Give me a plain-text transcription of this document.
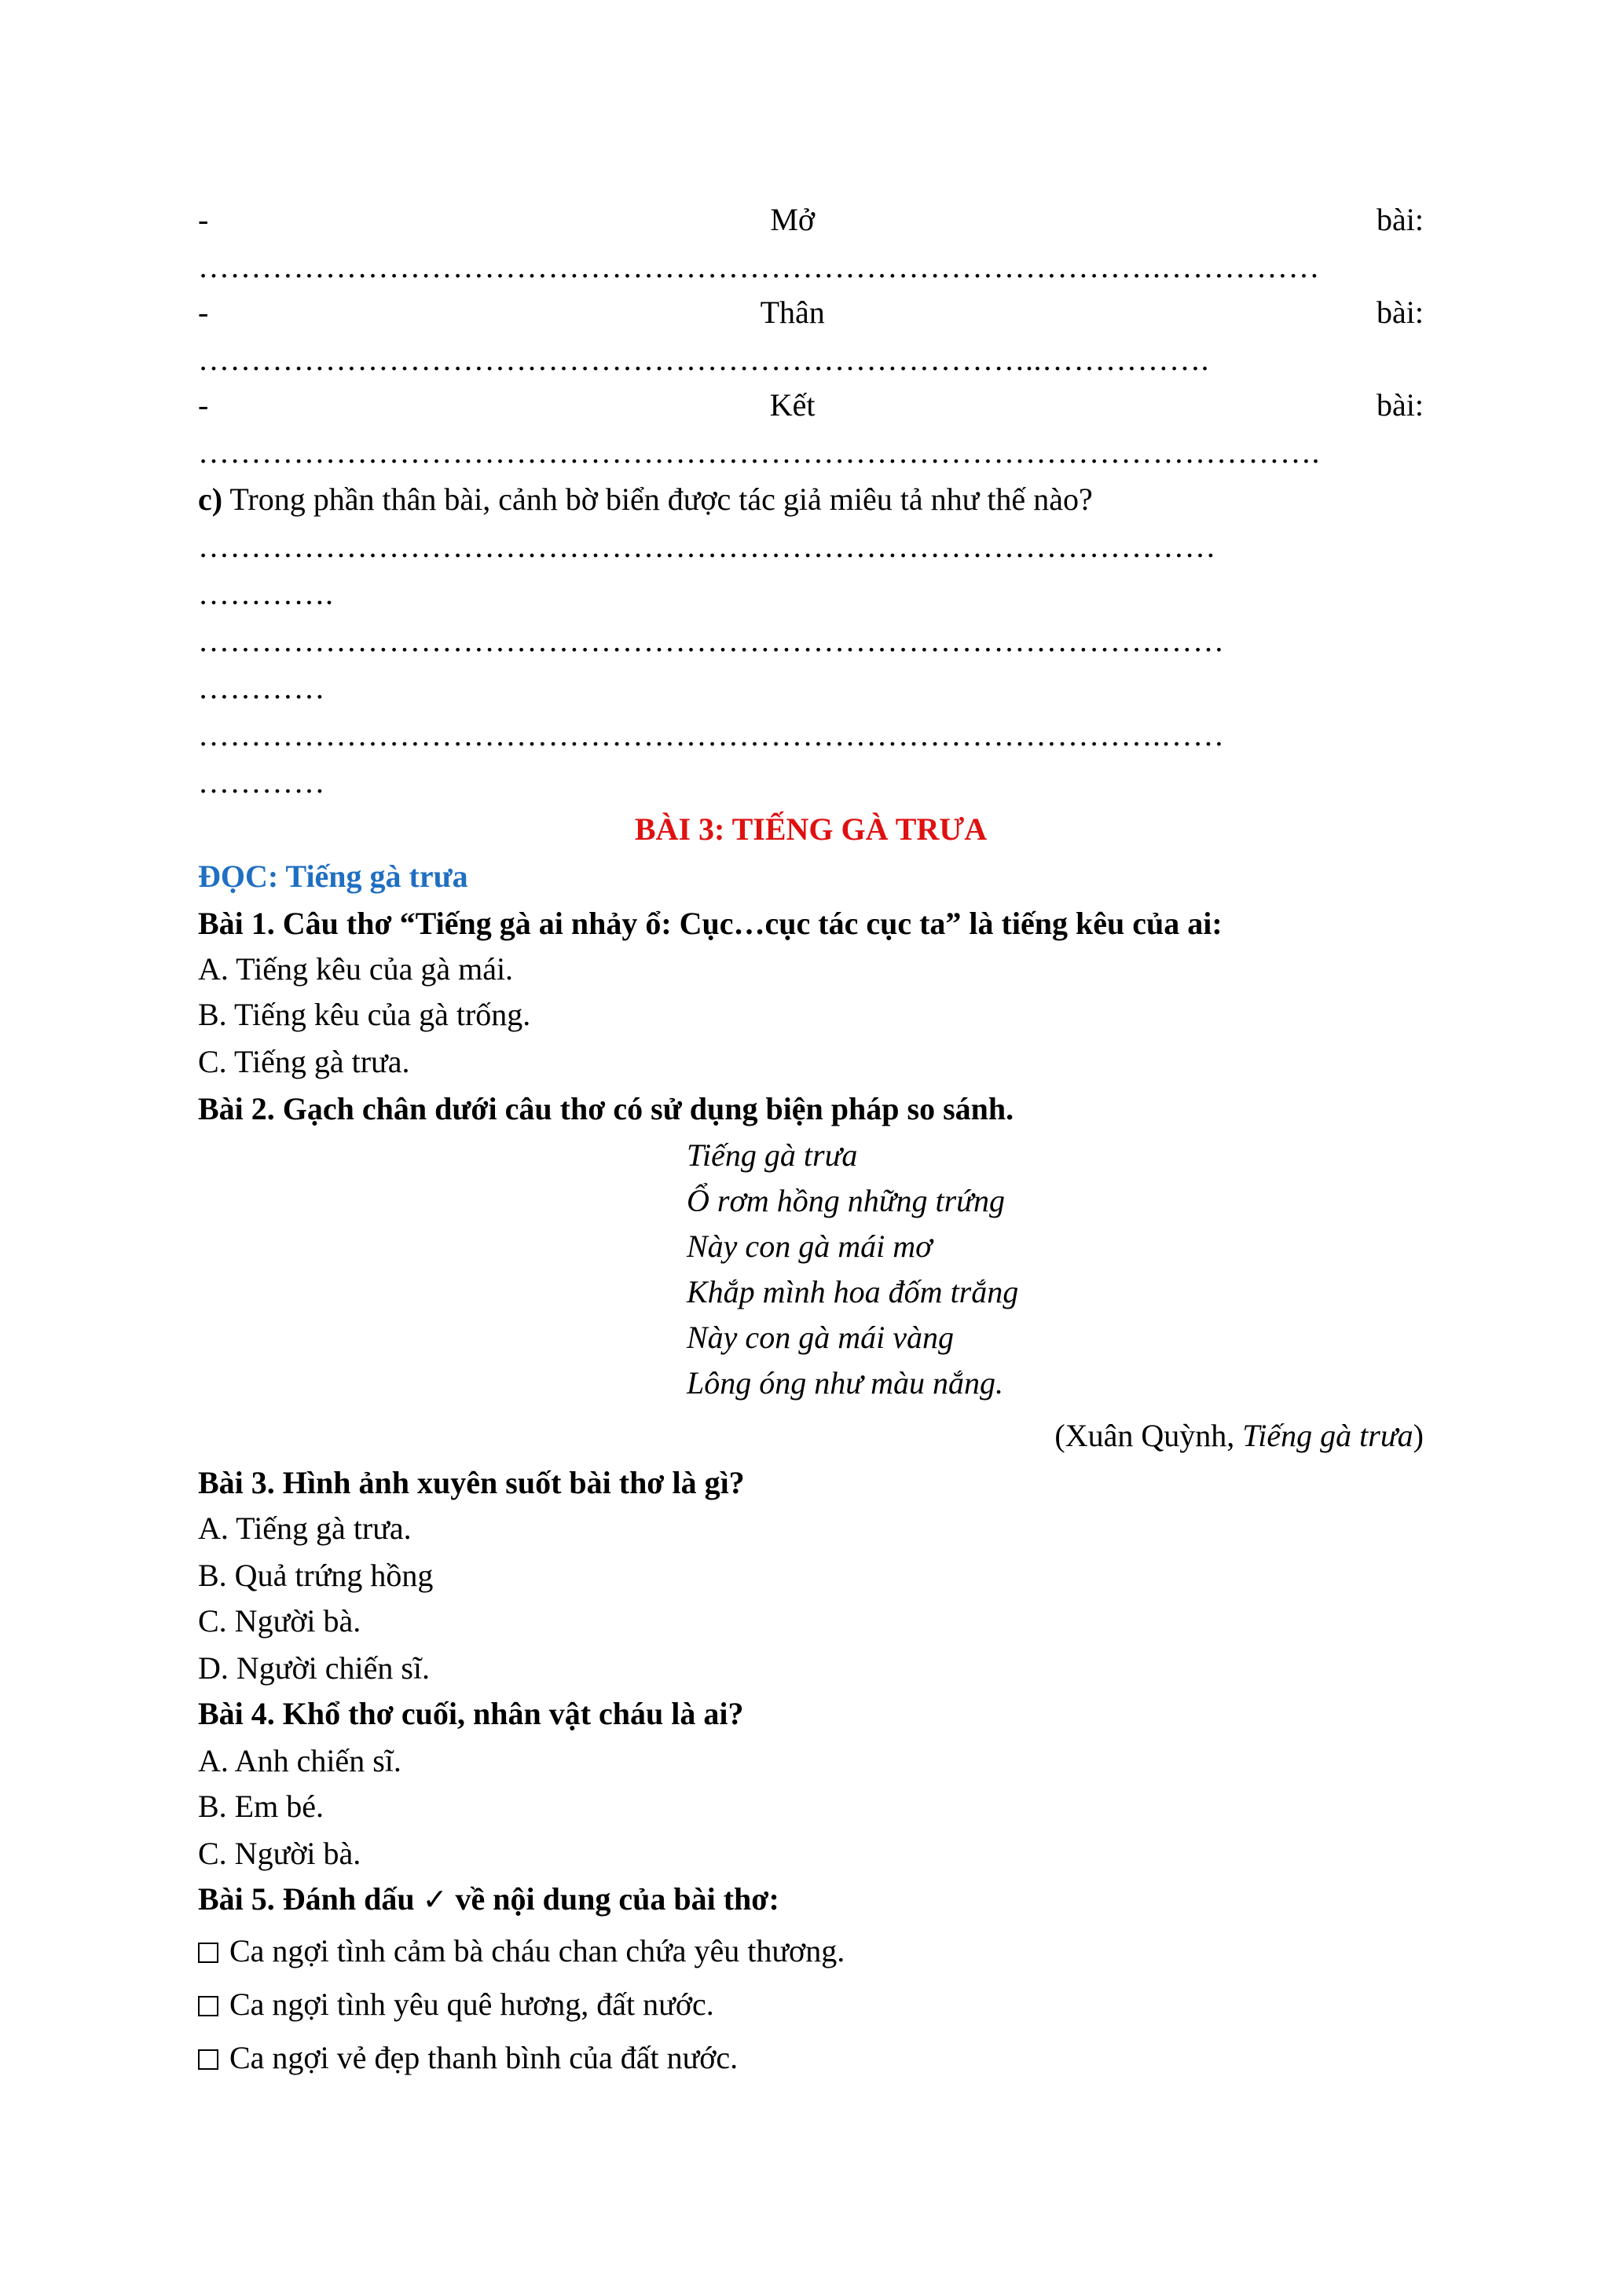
-	Mở	bài:
……………………………………………………………………………….……………
-	Thân	bài:
……………………………………………………………………..…………….
-	Kết	bài:
…………………………………………………………………………………………….
c) Trong phần thân bài, cảnh bờ biển được tác giả miêu tả như thế nào?
……………………………………………………………………………………
………….
……………………………………………………………………………….……
…………
……………………………………………………………………………….……
…………
BÀI 3: TIẾNG GÀ TRƯA
ĐỌC: Tiếng gà trưa
Bài 1. Câu thơ “Tiếng gà ai nhảy ổ: Cục…cục tác cục ta” là tiếng kêu của ai:
A. Tiếng kêu của gà mái.
B. Tiếng kêu của gà trống.
C. Tiếng gà trưa.
Bài 2. Gạch chân dưới câu thơ có sử dụng biện pháp so sánh.
Tiếng gà trưa
Ổ rơm hồng những trứng
Này con gà mái mơ
Khắp mình hoa đốm trắng
Này con gà mái vàng
Lông óng như màu nắng.
(Xuân Quỳnh, Tiếng gà trưa)
Bài 3. Hình ảnh xuyên suốt bài thơ là gì?
A. Tiếng gà trưa.
B. Quả trứng hồng
C. Người bà.
D. Người chiến sĩ.
Bài 4. Khổ thơ cuối, nhân vật cháu là ai?
A. Anh chiến sĩ.
B. Em bé.
C. Người bà.
Bài 5. Đánh dấu ✓ về nội dung của bài thơ:
Ca ngợi tình cảm bà cháu chan chứa yêu thương.
Ca ngợi tình yêu quê hương, đất nước.
Ca ngợi vẻ đẹp thanh bình của đất nước.
